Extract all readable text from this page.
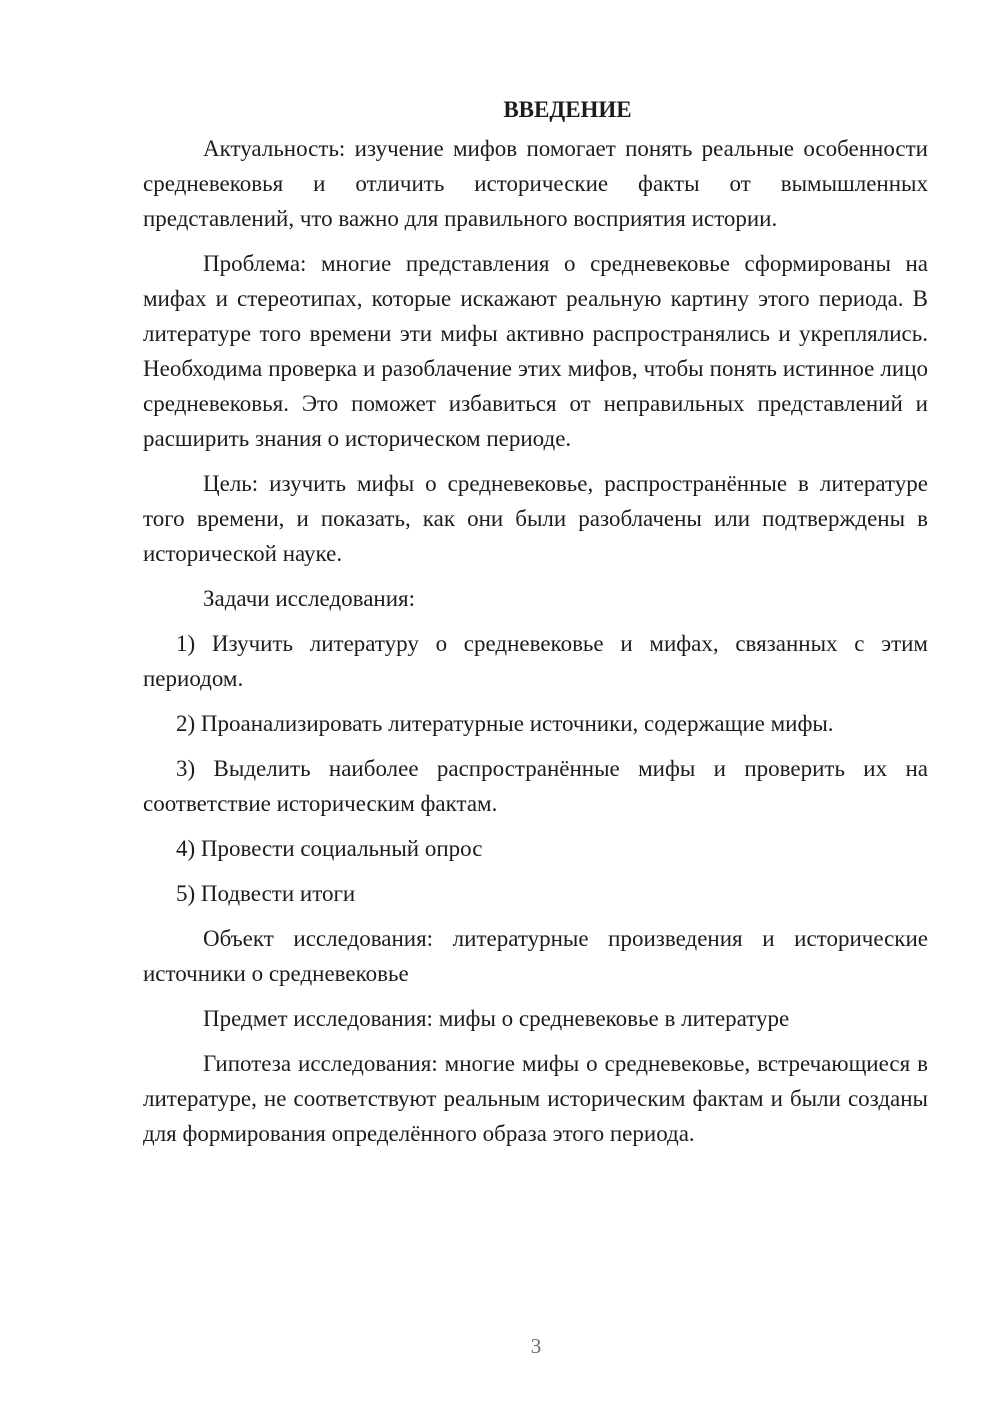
ВВЕДЕНИЕ

Актуальность: изучение мифов помогает понять реальные особенности средневековья и отличить исторические факты от вымышленных представлений, что важно для правильного восприятия истории.

Проблема: многие представления о средневековье сформированы на мифах и стереотипах, которые искажают реальную картину этого периода. В литературе того времени эти мифы активно распространялись и укреплялись. Необходима проверка и разоблачение этих мифов, чтобы понять истинное лицо средневековья. Это поможет избавиться от неправильных представлений и расширить знания о историческом периоде.

Цель: изучить мифы о средневековье, распространённые в литературе того времени, и показать, как они были разоблачены или подтверждены в исторической науке.

Задачи исследования:

1) Изучить литературу о средневековье и мифах, связанных с этим периодом.

2) Проанализировать литературные источники, содержащие мифы.

3) Выделить наиболее распространённые мифы и проверить их на соответствие историческим фактам.

4) Провести социальный опрос

5) Подвести итоги

Объект исследования: литературные произведения и исторические источники о средневековье

Предмет исследования: мифы о средневековье в литературе

Гипотеза исследования: многие мифы о средневековье, встречающиеся в литературе, не соответствуют реальным историческим фактам и были созданы для формирования определённого образа этого периода.

3
